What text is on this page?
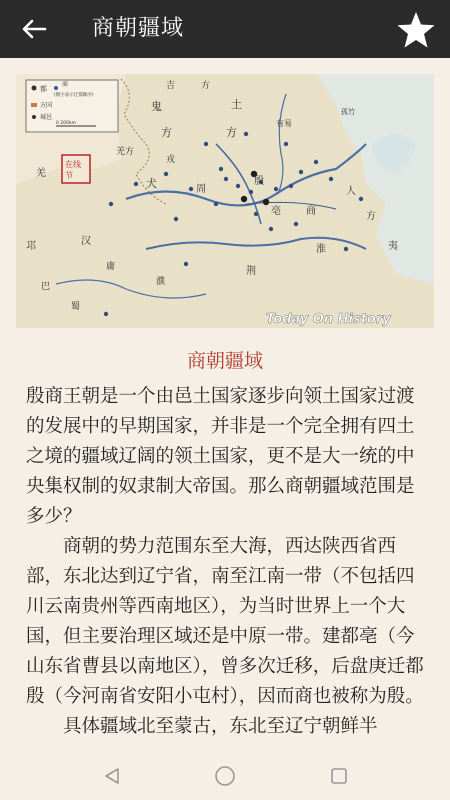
商朝疆域
都
商
(数字表示迁都顺序)
方国
城邑
0 200km
吉	方
鬼
方
土
方
有易
孤竹
羌
羌方
戎
犬	周
殷
亳	商
人
方
夷
淮
邛	汉
巴
荆
濮
庸
蜀
在线
节
Today On History
商朝疆域

殷商王朝是一个由邑土国家逐步向领土国家过渡的发展中的早期国家，并非是一个完全拥有四土之境的疆域辽阔的领土国家，更不是大一统的中央集权制的奴隶制大帝国。那么商朝疆域范围是多少？

商朝的势力范围东至大海，西达陕西省西部，东北达到辽宁省，南至江南一带（不包括四川云南贵州等西南地区），为当时世界上一个大国，但主要治理区域还是中原一带。建都亳（今山东省曹县以南地区），曾多次迁移，后盘庚迁都殷（今河南省安阳小屯村），因而商也被称为殷。

具体疆域北至蒙古，东北至辽宁朝鲜半
